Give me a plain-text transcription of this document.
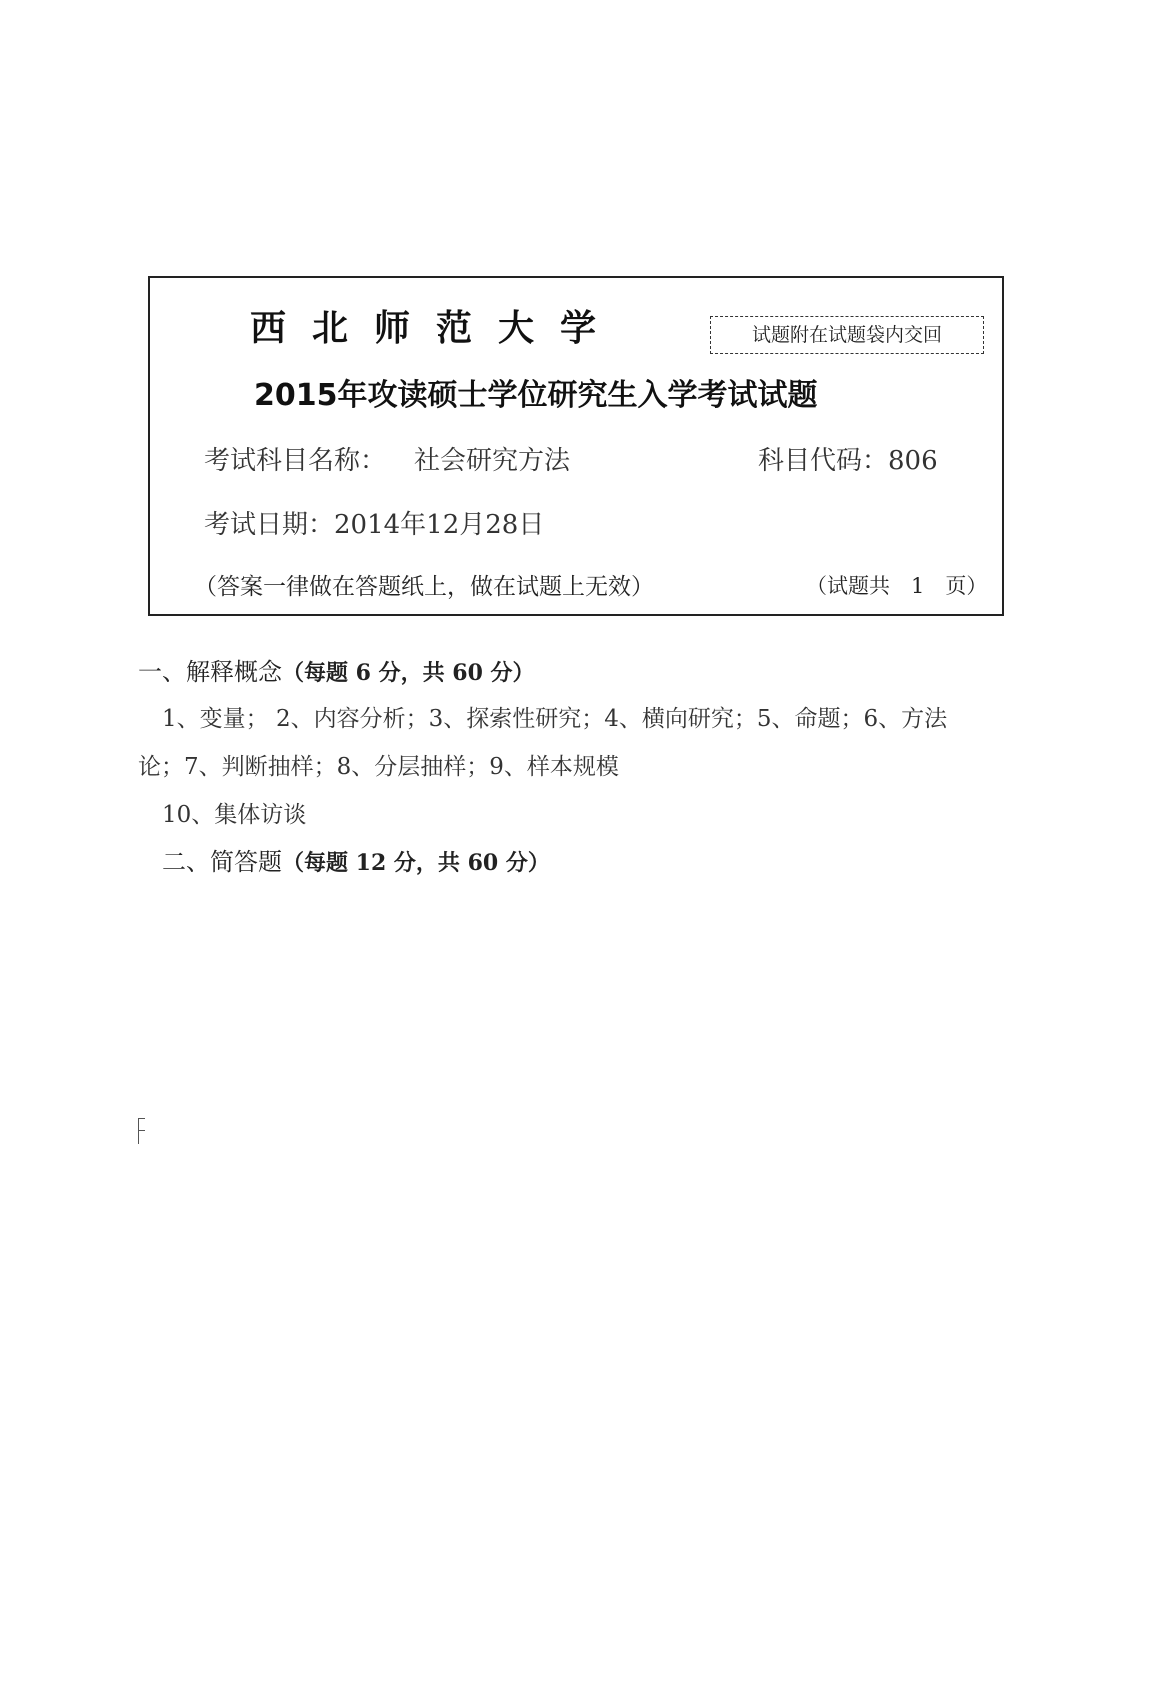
西北师范大学	试题附在试题袋内交回
2015年攻读硕士学位研究生入学考试试题
考试科目名称： 社会研究方法	科目代码：806
考试日期：2014年12月28日
（答案一律做在答题纸上，做在试题上无效）	（试题共　1　页）
一、解释概念（每题 6 分，共 60 分）
1、变量； 2、内容分析；3、探索性研究；4、横向研究；5、命题；6、方法
论；7、判断抽样；8、分层抽样；9、样本规模
10、集体访谈
二、简答题（每题 12 分，共 60 分）
